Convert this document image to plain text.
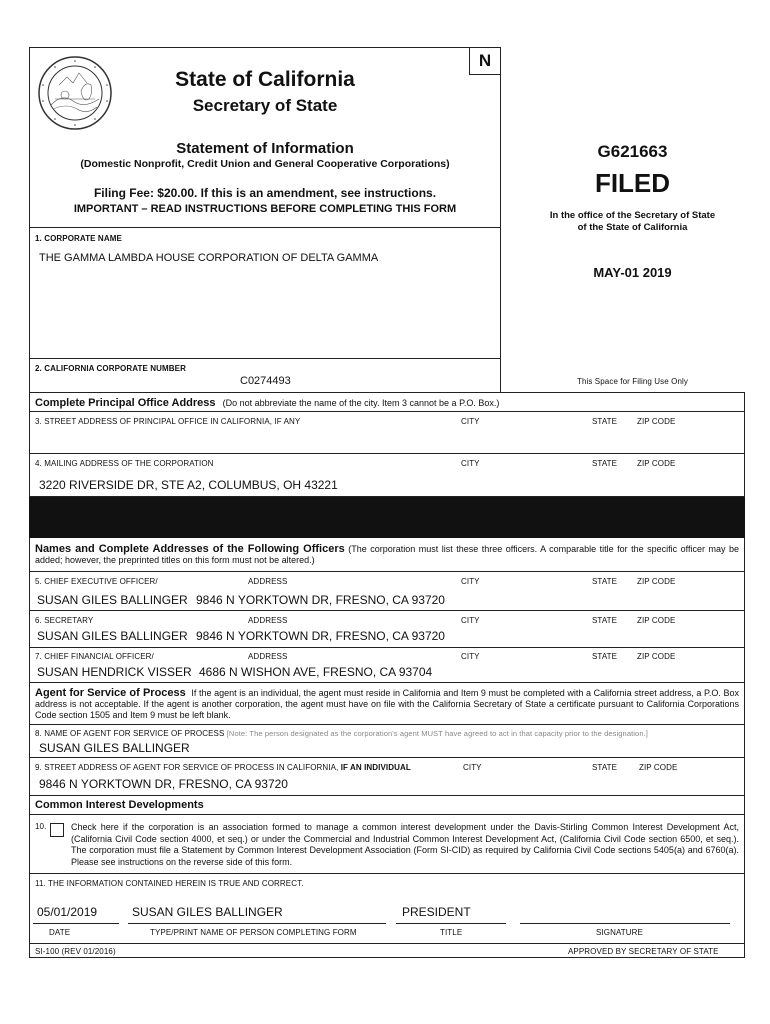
N
State of California
Secretary of State
Statement of Information
(Domestic Nonprofit, Credit Union and General Cooperative Corporations)
Filing Fee: $20.00. If this is an amendment, see instructions.
IMPORTANT – READ INSTRUCTIONS BEFORE COMPLETING THIS FORM
G621663
FILED
In the office of the Secretary of State
of the State of California
MAY-01 2019
This Space for Filing Use Only
1. CORPORATE NAME
THE GAMMA LAMBDA HOUSE CORPORATION OF DELTA GAMMA
2. CALIFORNIA CORPORATE NUMBER
C0274493
Complete Principal Office Address (Do not abbreviate the name of the city. Item 3 cannot be a P.O. Box.)
3. STREET ADDRESS OF PRINCIPAL OFFICE IN CALIFORNIA, IF ANY	CITY	STATE ZIP CODE
4. MAILING ADDRESS OF THE CORPORATION	CITY	STATE ZIP CODE
3220 RIVERSIDE DR, STE A2, COLUMBUS, OH 43221
Names and Complete Addresses of the Following Officers (The corporation must list these three officers. A comparable title for the specific officer may be added; however, the preprinted titles on this form must not be altered.)
5. CHIEF EXECUTIVE OFFICER/	ADDRESS	CITY	STATE ZIP CODE
SUSAN GILES BALLINGER 9846 N YORKTOWN DR, FRESNO, CA 93720
6. SECRETARY	ADDRESS	CITY	STATE ZIP CODE
SUSAN GILES BALLINGER 9846 N YORKTOWN DR, FRESNO, CA 93720
7. CHIEF FINANCIAL OFFICER/	ADDRESS	CITY	STATE ZIP CODE
SUSAN HENDRICK VISSER 4686 N WISHON AVE, FRESNO, CA 93704
Agent for Service of Process If the agent is an individual, the agent must reside in California and Item 9 must be completed with a California street address, a P.O. Box address is not acceptable. If the agent is another corporation, the agent must have on file with the California Secretary of State a certificate pursuant to California Corporations Code section 1505 and Item 9 must be left blank.
8. NAME OF AGENT FOR SERVICE OF PROCESS [Note: The person designated as the corporation's agent MUST have agreed to act in that capacity prior to the designation.]
SUSAN GILES BALLINGER
9. STREET ADDRESS OF AGENT FOR SERVICE OF PROCESS IN CALIFORNIA, IF AN INDIVIDUAL	CITY	STATE	ZIP CODE
9846 N YORKTOWN DR, FRESNO, CA 93720
Common Interest Developments
10.	Check here if the corporation is an association formed to manage a common interest development under the Davis-Stirling Common Interest Development Act, (California Civil Code section 4000, et seq.) or under the Commercial and Industrial Common Interest Development Act, (California Civil Code section 6500, et seq.). The corporation must file a Statement by Common Interest Development Association (Form SI-CID) as required by California Civil Code sections 5405(a) and 6760(a). Please see instructions on the reverse side of this form.
11. THE INFORMATION CONTAINED HEREIN IS TRUE AND CORRECT.
05/01/2019	SUSAN GILES BALLINGER	PRESIDENT
DATE	TYPE/PRINT NAME OF PERSON COMPLETING FORM	TITLE	SIGNATURE
SI-100 (REV 01/2016)	APPROVED BY SECRETARY OF STATE
